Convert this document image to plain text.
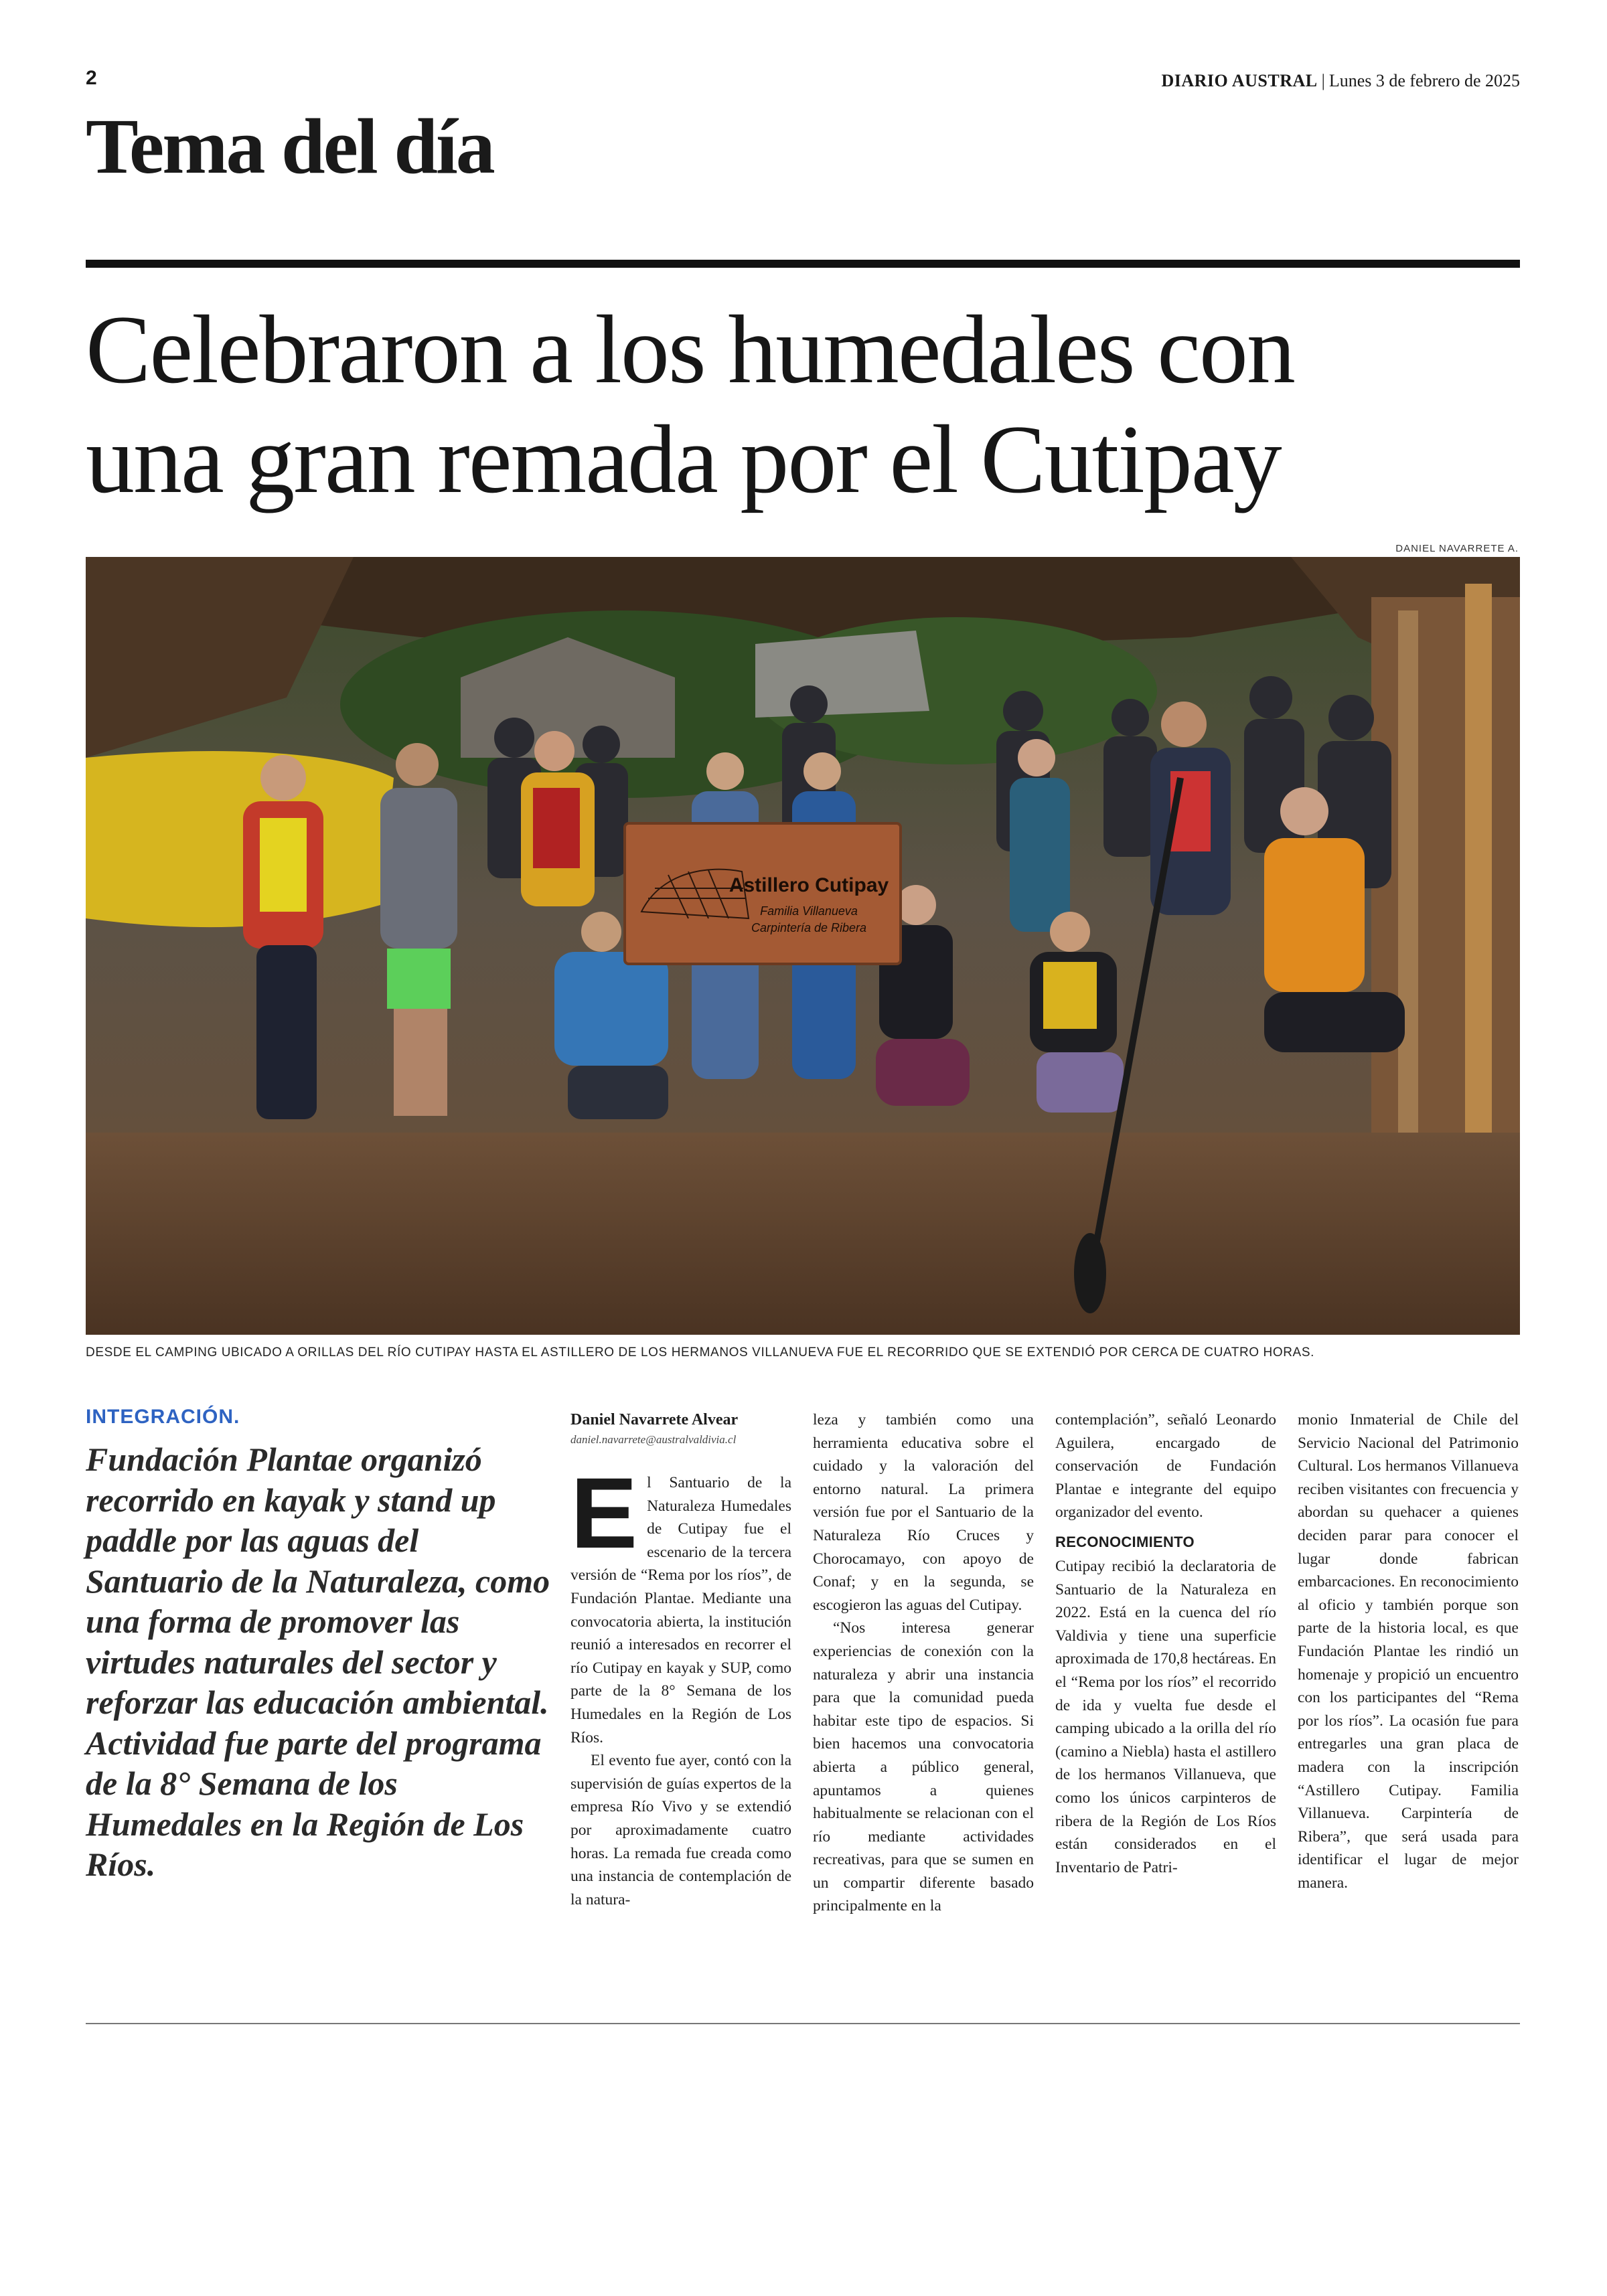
2	DIARIO AUSTRAL | Lunes 3 de febrero de 2025
Tema del día
Celebraron a los humedales con
una gran remada por el Cutipay
DANIEL NAVARRETE A.
Astillero Cutipay
Familia Villanueva
Carpintería de Ribera
DESDE EL CAMPING UBICADO A ORILLAS DEL RÍO CUTIPAY HASTA EL ASTILLERO DE LOS HERMANOS VILLANUEVA FUE EL RECORRIDO QUE SE EXTENDIÓ POR CERCA DE CUATRO HORAS.
INTEGRACIÓN.
Fundación Plantae organizó recorrido en kayak y stand up paddle por las aguas del Santuario de la Naturaleza, como una forma de promover las virtudes naturales del sector y reforzar las educación ambiental. Actividad fue parte del programa de la 8° Semana de los Humedales en la Región de Los Ríos.
Daniel Navarrete Alvear
daniel.navarrete@australvaldivia.cl

El Santuario de la Naturaleza Humedales de Cutipay fue el escenario de la tercera versión de “Rema por los ríos”, de Fundación Plantae. Mediante una convocatoria abierta, la institución reunió a interesados en recorrer el río Cutipay en kayak y SUP, como parte de la 8° Semana de los Humedales en la Región de Los Ríos.

El evento fue ayer, contó con la supervisión de guías expertos de la empresa Río Vivo y se extendió por aproximadamente cuatro horas. La remada fue creada como una instancia de contemplación de la natura-

leza y también como una herramienta educativa sobre el cuidado y la valoración del entorno natural. La primera versión fue por el Santuario de la Naturaleza Río Cruces y Chorocamayo, con apoyo de Conaf; y en la segunda, se escogieron las aguas del Cutipay.

“Nos interesa generar experiencias de conexión con la naturaleza y abrir una instancia para que la comunidad pueda habitar este tipo de espacios. Si bien hacemos una convocatoria abierta a público general, apuntamos a quienes habitualmente se relacionan con el río mediante actividades recreativas, para que se sumen en un compartir diferente basado principalmente en la

contemplación”, señaló Leonardo Aguilera, encargado de conservación de Fundación Plantae e integrante del equipo organizador del evento.

RECONOCIMIENTO

Cutipay recibió la declaratoria de Santuario de la Naturaleza en 2022. Está en la cuenca del río Valdivia y tiene una superficie aproximada de 170,8 hectáreas. En el “Rema por los ríos” el recorrido de ida y vuelta fue desde el camping ubicado a la orilla del río (camino a Niebla) hasta el astillero de los hermanos Villanueva, que como los únicos carpinteros de ribera de la Región de Los Ríos están considerados en el Inventario de Patri-

monio Inmaterial de Chile del Servicio Nacional del Patrimonio Cultural. Los hermanos Villanueva reciben visitantes con frecuencia y abordan su quehacer a quienes deciden parar para conocer el lugar donde fabrican embarcaciones. En reconocimiento al oficio y también porque son parte de la historia local, es que Fundación Plantae les rindió un homenaje y propició un encuentro con los participantes del “Rema por los ríos”. La ocasión fue para entregarles una gran placa de madera con la inscripción “Astillero Cutipay. Familia Villanueva. Carpintería de Ribera”, que será usada para identificar el lugar de mejor manera.
